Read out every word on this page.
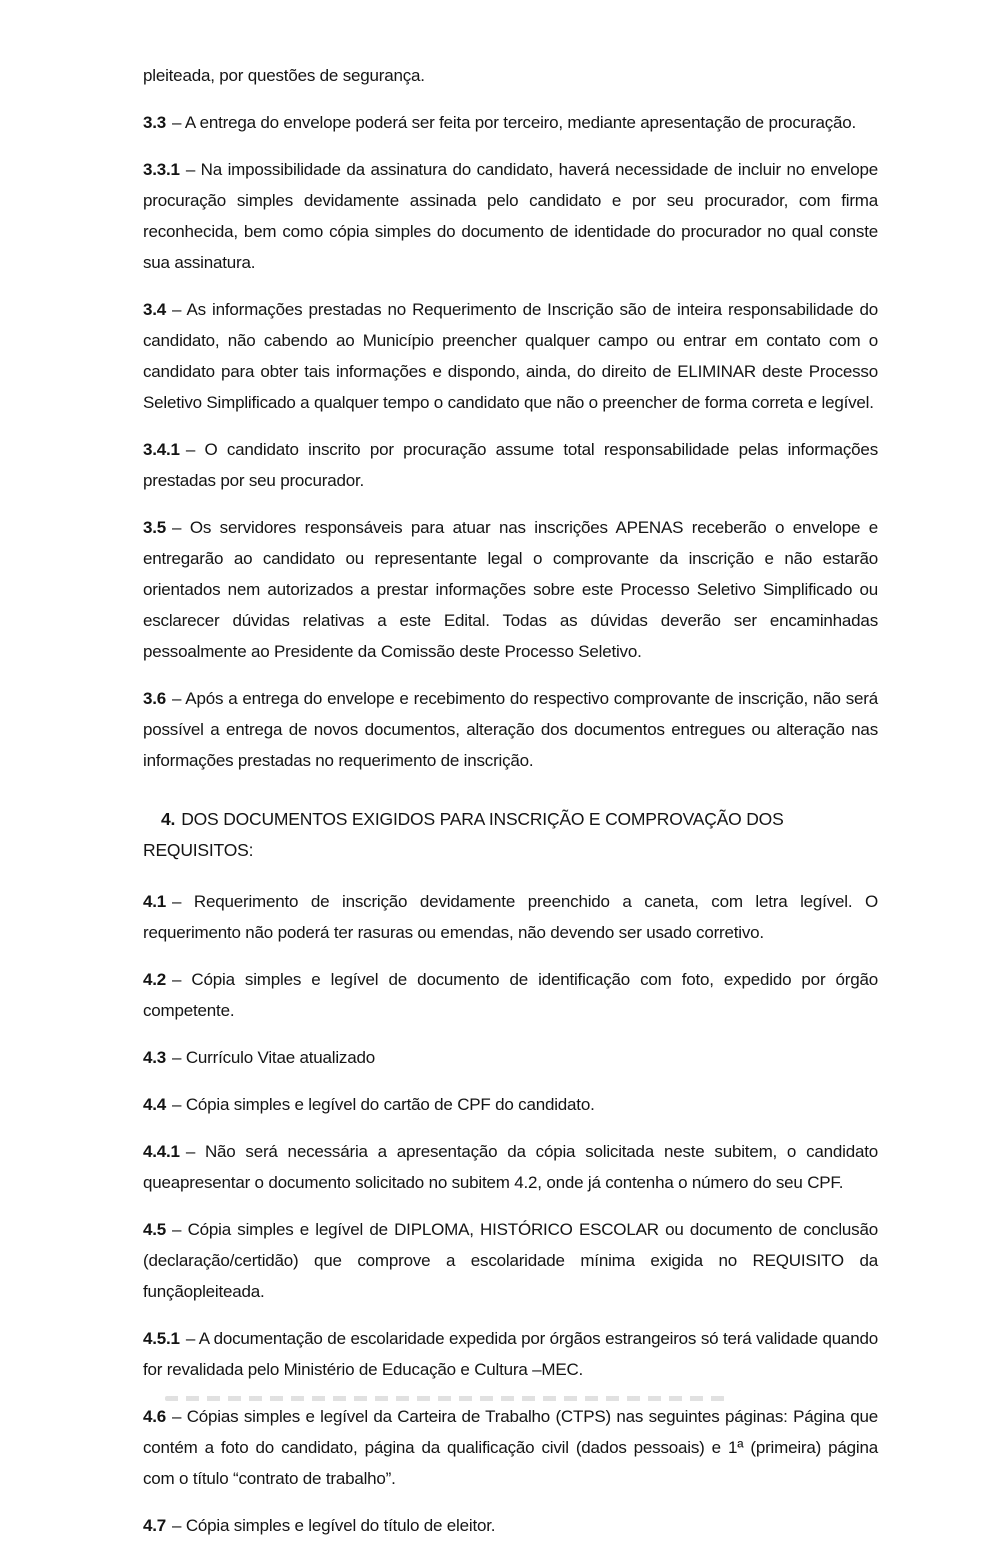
pleiteada, por questões de segurança.

3.3 – A entrega do envelope poderá ser feita por terceiro, mediante apresentação de procuração.

3.3.1 – Na impossibilidade da assinatura do candidato, haverá necessidade de incluir no envelope procuração simples devidamente assinada pelo candidato e por seu procurador, com firma reconhecida, bem como cópia simples do documento de identidade do procurador no qual conste sua assinatura.

3.4 – As informações prestadas no Requerimento de Inscrição são de inteira responsabilidade do candidato, não cabendo ao Município preencher qualquer campo ou entrar em contato com o candidato para obter tais informações e dispondo, ainda, do direito de ELIMINAR deste Processo Seletivo Simplificado a qualquer tempo o candidato que não o preencher de forma correta e legível.

3.4.1 – O candidato inscrito por procuração assume total responsabilidade pelas informações prestadas por seu procurador.

3.5 – Os servidores responsáveis para atuar nas inscrições APENAS receberão o envelope e entregarão ao candidato ou representante legal o comprovante da inscrição e não estarão orientados nem autorizados a prestar informações sobre este Processo Seletivo Simplificado ou esclarecer dúvidas relativas a este Edital. Todas as dúvidas deverão ser encaminhadas pessoalmente ao Presidente da Comissão deste Processo Seletivo.

3.6 – Após a entrega do envelope e recebimento do respectivo comprovante de inscrição, não será possível a entrega de novos documentos, alteração dos documentos entregues ou alteração nas informações prestadas no requerimento de inscrição.

4. DOS DOCUMENTOS EXIGIDOS PARA INSCRIÇÃO E COMPROVAÇÃO DOS REQUISITOS:

4.1 – Requerimento de inscrição devidamente preenchido a caneta, com letra legível. O requerimento não poderá ter rasuras ou emendas, não devendo ser usado corretivo.

4.2 – Cópia simples e legível de documento de identificação com foto, expedido por órgão competente.

4.3 – Currículo Vitae atualizado

4.4 – Cópia simples e legível do cartão de CPF do candidato.

4.4.1 – Não será necessária a apresentação da cópia solicitada neste subitem, o candidato queapresentar o documento solicitado no subitem 4.2, onde já contenha o número do seu CPF.

4.5 – Cópia simples e legível de DIPLOMA, HISTÓRICO ESCOLAR ou documento de conclusão (declaração/certidão) que comprove a escolaridade mínima exigida no REQUISITO da funçãopleiteada.

4.5.1 – A documentação de escolaridade expedida por órgãos estrangeiros só terá validade quando for revalidada pelo Ministério de Educação e Cultura –MEC.

4.6 – Cópias simples e legível da Carteira de Trabalho (CTPS) nas seguintes páginas: Página que contém a foto do candidato, página da qualificação civil (dados pessoais) e 1ª (primeira) página com o título “contrato de trabalho”.

4.7 – Cópia simples e legível do título de eleitor.
